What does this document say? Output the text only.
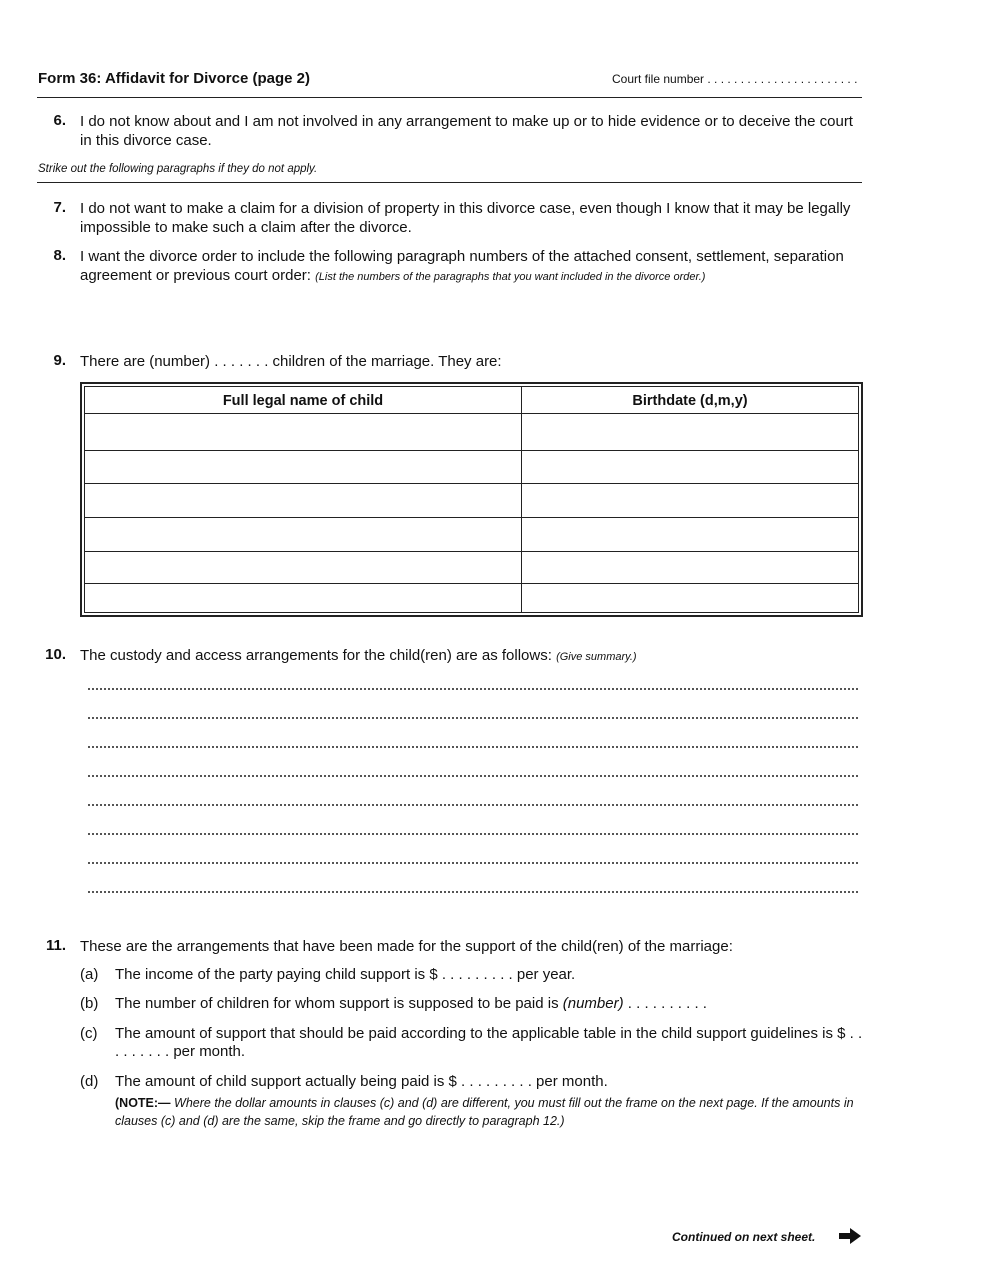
Form 36: Affidavit for Divorce (page 2)	Court file number . . . . . . . . . . . . . . . . . . . . . . .
6. I do not know about and I am not involved in any arrangement to make up or to hide evidence or to deceive the court in this divorce case.
Strike out the following paragraphs if they do not apply.
7. I do not want to make a claim for a division of property in this divorce case, even though I know that it may be legally impossible to make such a claim after the divorce.
8. I want the divorce order to include the following paragraph numbers of the attached consent, settlement, separation agreement or previous court order: (List the numbers of the paragraphs that you want included in the divorce order.)
9. There are (number) . . . . . . . children of the marriage. They are:
Full legal name of child	Birthdate (d,m,y)
10. The custody and access arrangements for the child(ren) are as follows: (Give summary.)
11. These are the arrangements that have been made for the support of the child(ren) of the marriage:
(a)	The income of the party paying child support is $ . . . . . . . . . per year.
(b)	The number of children for whom support is supposed to be paid is (number) . . . . . . . . . .
(c)	The amount of support that should be paid according to the applicable table in the child support guidelines is $ . . . . . . . . . per month.
(d)	The amount of child support actually being paid is $ . . . . . . . . . per month.
(NOTE:— Where the dollar amounts in clauses (c) and (d) are different, you must fill out the frame on the next page. If the amounts in clauses (c) and (d) are the same, skip the frame and go directly to paragraph 12.)
Continued on next sheet.
